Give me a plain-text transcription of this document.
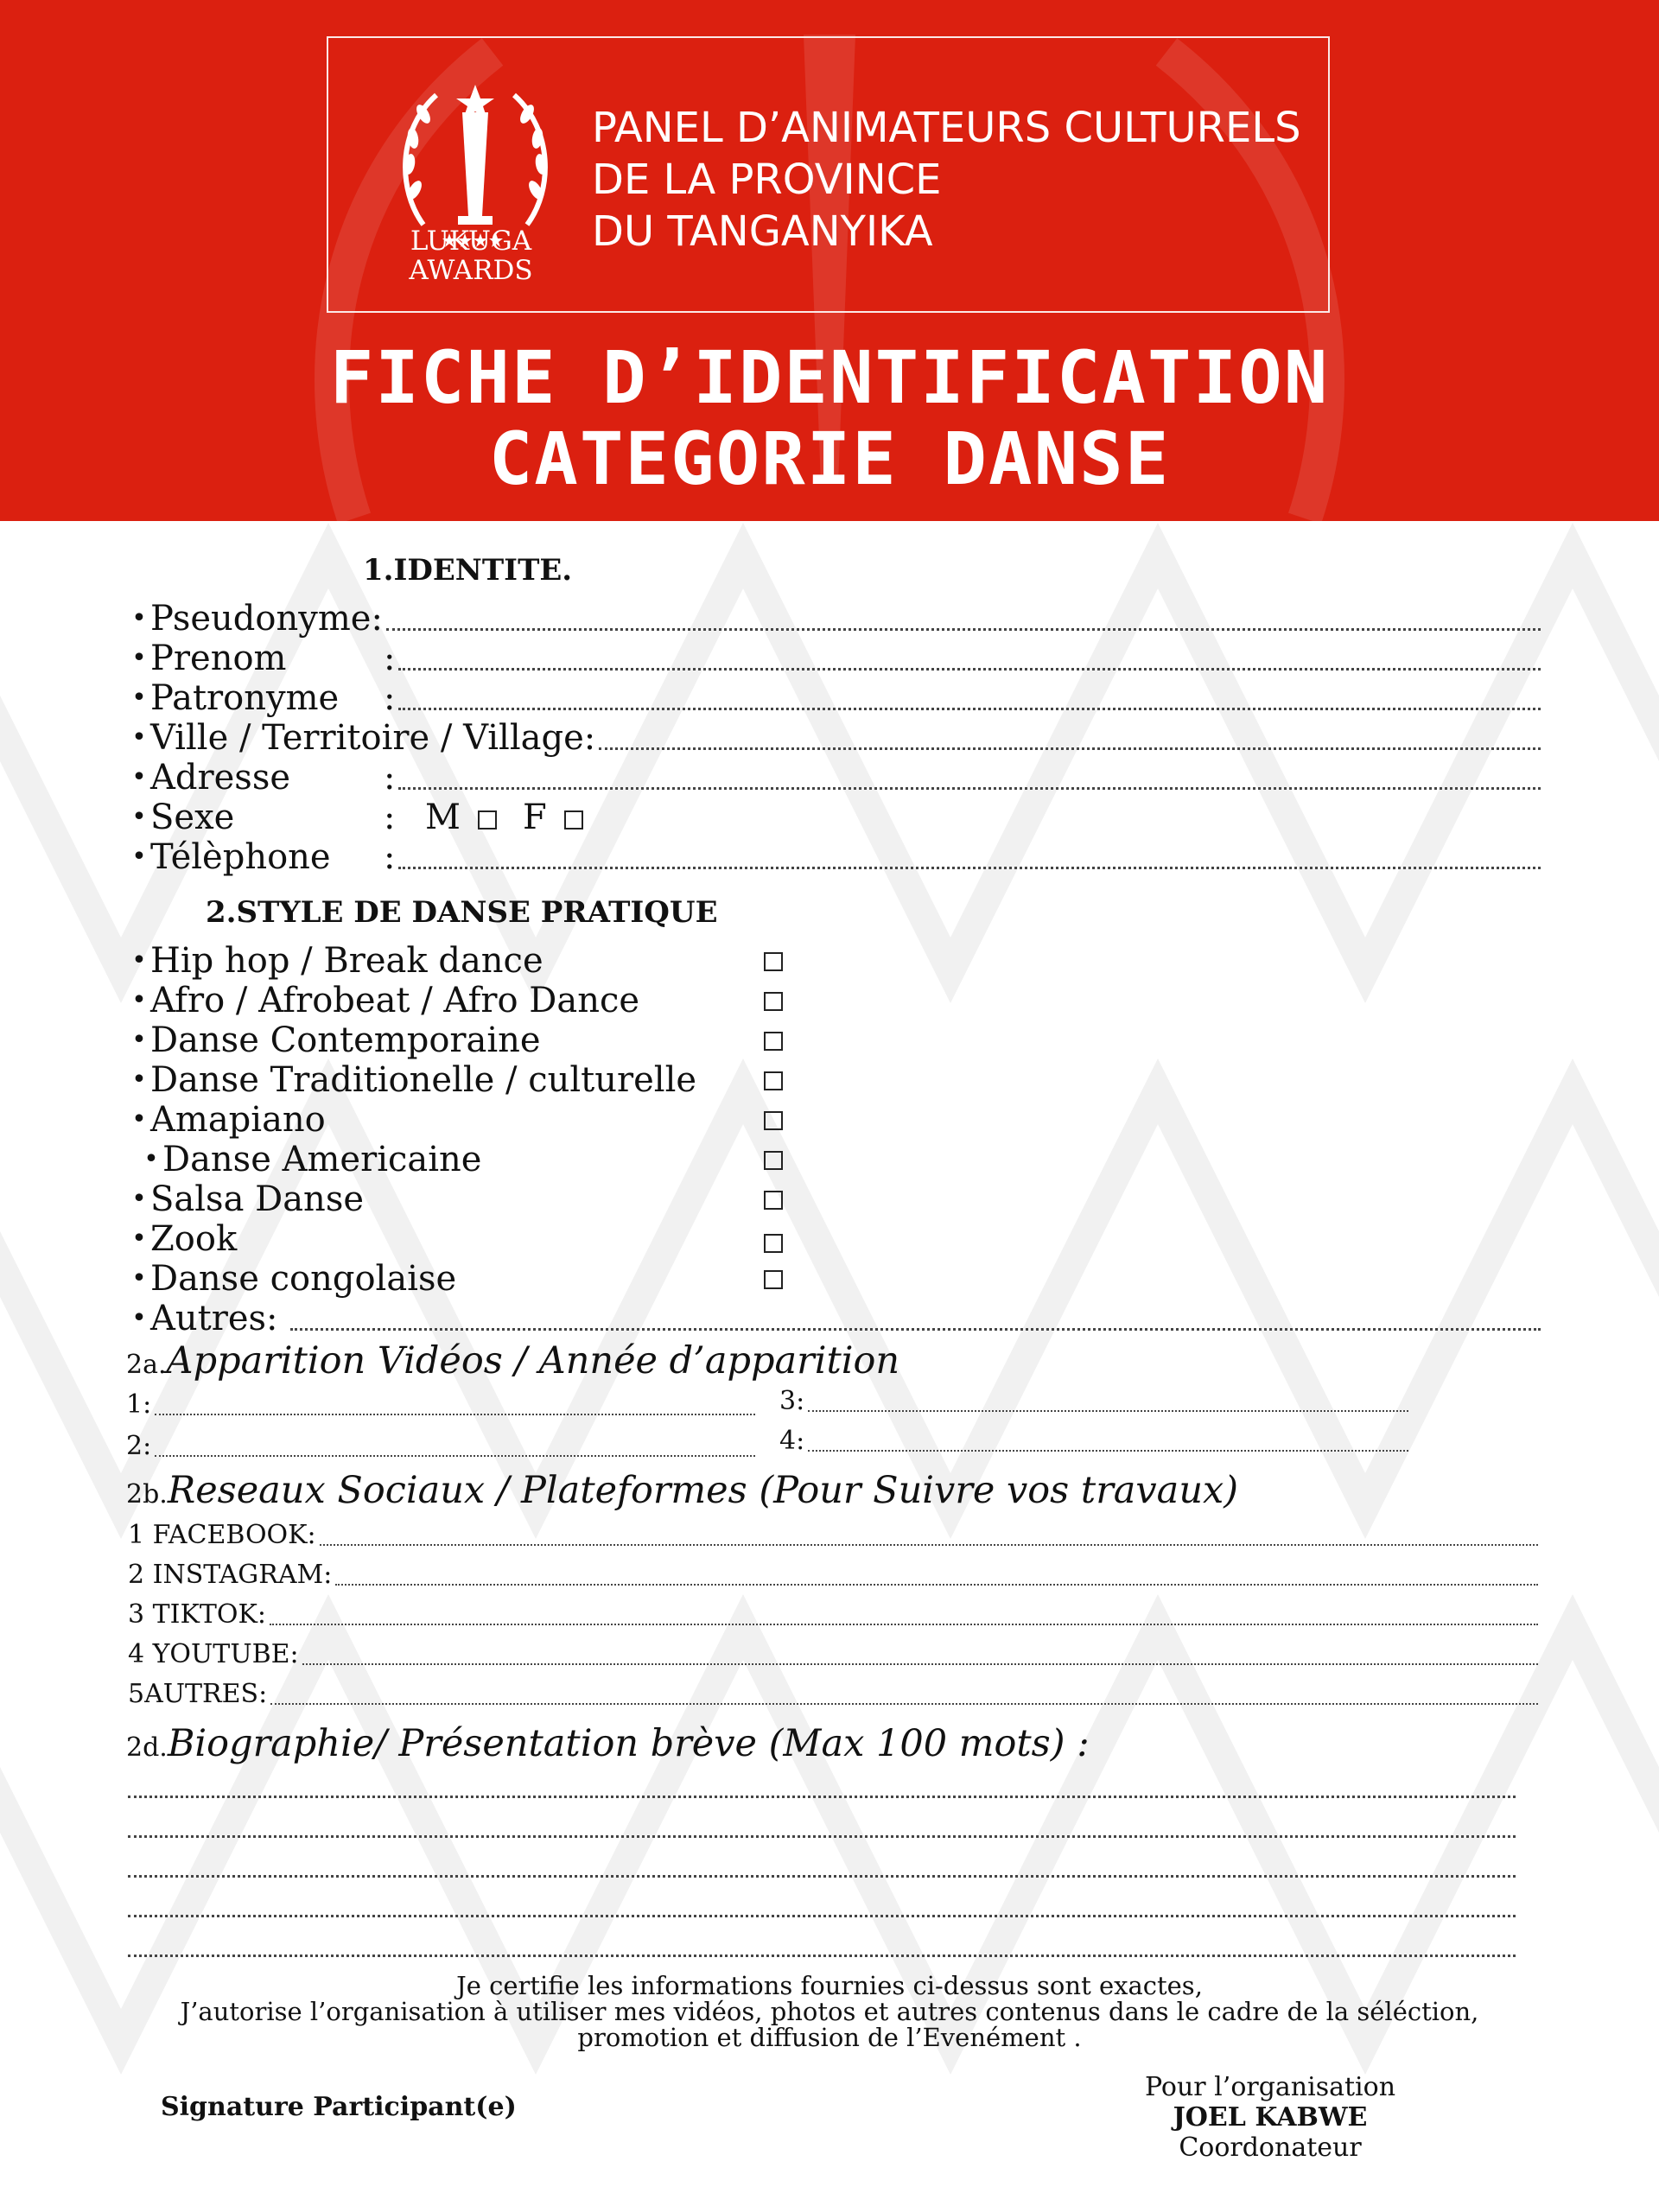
LUKUGA
AWARDS
PANEL D’ANIMATEURS CULTURELS
DE LA PROVINCE
DU TANGANYIKA
FICHE D’IDENTIFICATION
CATEGORIE DANSE
1.IDENTITE.
• Pseudonyme:
• Prenom	:
• Patronyme	:
• Ville / Territoire / Village:
• Adresse	:
• Sexe	: M F
• Télèphone	:
2.STYLE DE DANSE PRATIQUE
• Hip hop / Break dance
• Afro / Afrobeat / Afro Dance
• Danse Contemporaine
• Danse Traditionelle / culturelle
• Amapiano
• Danse Americaine
• Salsa Danse
• Zook
• Danse congolaise
• Autres:
2a.Apparition Vidéos / Année d’apparition
1:	3:
2:	4:
2b.Reseaux Sociaux / Plateformes (Pour Suivre vos travaux)
1 FACEBOOK:
2 INSTAGRAM:
3 TIKTOK:
4 YOUTUBE:
5AUTRES:
2d.Biographie/ Présentation brève (Max 100 mots) :
Je certifie les informations fournies ci-dessus sont exactes,
J’autorise l’organisation à utiliser mes vidéos, photos et autres contenus dans le cadre de la séléction,
promotion et diffusion de l’Evenément .
Signature Participant(e)
Pour l’organisation
JOEL KABWE
Coordonateur
